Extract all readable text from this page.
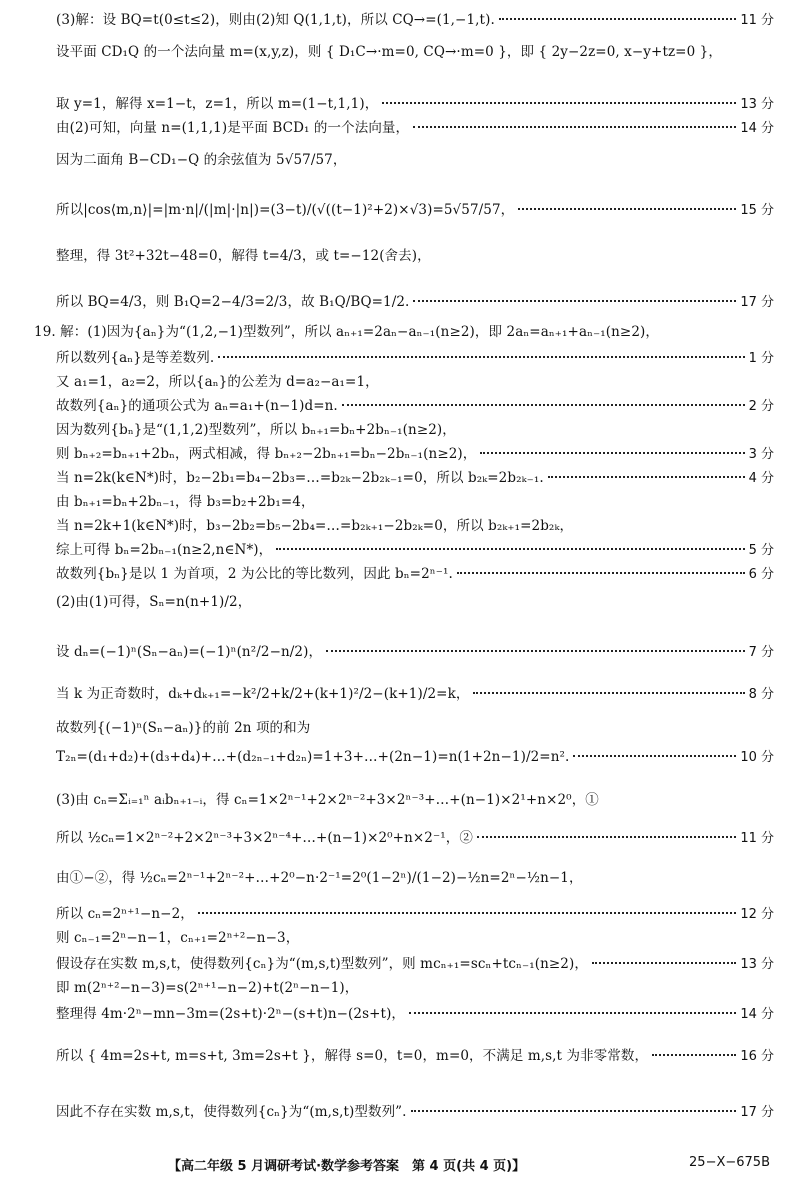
(3)解：设 BQ=t(0≤t≤2)，则由(2)知 Q(1,1,t)，所以 CQ→=(1,−1,t).	11 分
设平面 CD₁Q 的一个法向量 m=(x,y,z)，则 { D₁C→·m=0, CQ→·m=0 }，即 { 2y−2z=0, x−y+tz=0 }，
取 y=1，解得 x=1−t，z=1，所以 m=(1−t,1,1)，	13 分
由(2)可知，向量 n=(1,1,1)是平面 BCD₁ 的一个法向量，	14 分
因为二面角 B−CD₁−Q 的余弦值为 5√57/57，
所以|cos⟨m,n⟩|=|m·n|/(|m|·|n|)=(3−t)/(√((t−1)²+2)×√3)=5√57/57，	15 分
整理，得 3t²+32t−48=0，解得 t=4/3，或 t=−12(舍去)，
所以 BQ=4/3，则 B₁Q=2−4/3=2/3，故 B₁Q/BQ=1/2.	17 分
19. 解：(1)因为{aₙ}为“(1,2,−1)型数列”，所以 aₙ₊₁=2aₙ−aₙ₋₁(n≥2)，即 2aₙ=aₙ₊₁+aₙ₋₁(n≥2)，
所以数列{aₙ}是等差数列.	1 分
又 a₁=1，a₂=2，所以{aₙ}的公差为 d=a₂−a₁=1，
故数列{aₙ}的通项公式为 aₙ=a₁+(n−1)d=n.	2 分
因为数列{bₙ}是“(1,1,2)型数列”，所以 bₙ₊₁=bₙ+2bₙ₋₁(n≥2)，
则 bₙ₊₂=bₙ₊₁+2bₙ，两式相减，得 bₙ₊₂−2bₙ₊₁=bₙ−2bₙ₋₁(n≥2)，	3 分
当 n=2k(k∈N*)时，b₂−2b₁=b₄−2b₃=…=b₂ₖ−2b₂ₖ₋₁=0，所以 b₂ₖ=2b₂ₖ₋₁.	4 分
由 bₙ₊₁=bₙ+2bₙ₋₁，得 b₃=b₂+2b₁=4，
当 n=2k+1(k∈N*)时，b₃−2b₂=b₅−2b₄=…=b₂ₖ₊₁−2b₂ₖ=0，所以 b₂ₖ₊₁=2b₂ₖ，
综上可得 bₙ=2bₙ₋₁(n≥2,n∈N*)，	5 分
故数列{bₙ}是以 1 为首项，2 为公比的等比数列，因此 bₙ=2ⁿ⁻¹.	6 分
(2)由(1)可得，Sₙ=n(n+1)/2，
设 dₙ=(−1)ⁿ(Sₙ−aₙ)=(−1)ⁿ(n²/2−n/2)，	7 分
当 k 为正奇数时，dₖ+dₖ₊₁=−k²/2+k/2+(k+1)²/2−(k+1)/2=k，	8 分
故数列{(−1)ⁿ(Sₙ−aₙ)}的前 2n 项的和为
T₂ₙ=(d₁+d₂)+(d₃+d₄)+…+(d₂ₙ₋₁+d₂ₙ)=1+3+…+(2n−1)=n(1+2n−1)/2=n².	10 分
(3)由 cₙ=Σᵢ₌₁ⁿ aᵢbₙ₊₁₋ᵢ，得 cₙ=1×2ⁿ⁻¹+2×2ⁿ⁻²+3×2ⁿ⁻³+…+(n−1)×2¹+n×2⁰，①
所以 ½cₙ=1×2ⁿ⁻²+2×2ⁿ⁻³+3×2ⁿ⁻⁴+…+(n−1)×2⁰+n×2⁻¹，②	11 分
由①−②，得 ½cₙ=2ⁿ⁻¹+2ⁿ⁻²+…+2⁰−n·2⁻¹=2⁰(1−2ⁿ)/(1−2)−½n=2ⁿ−½n−1，
所以 cₙ=2ⁿ⁺¹−n−2，	12 分
则 cₙ₋₁=2ⁿ−n−1，cₙ₊₁=2ⁿ⁺²−n−3，
假设存在实数 m,s,t，使得数列{cₙ}为“(m,s,t)型数列”，则 mcₙ₊₁=scₙ+tcₙ₋₁(n≥2)，	13 分
即 m(2ⁿ⁺²−n−3)=s(2ⁿ⁺¹−n−2)+t(2ⁿ−n−1)，
整理得 4m·2ⁿ−mn−3m=(2s+t)·2ⁿ−(s+t)n−(2s+t)，	14 分
所以 { 4m=2s+t, m=s+t, 3m=2s+t }，解得 s=0，t=0，m=0，不满足 m,s,t 为非零常数，	16 分
因此不存在实数 m,s,t，使得数列{cₙ}为“(m,s,t)型数列”.	17 分
【高二年级 5 月调研考试·数学参考答案　第 4 页(共 4 页)】	25−X−675B
